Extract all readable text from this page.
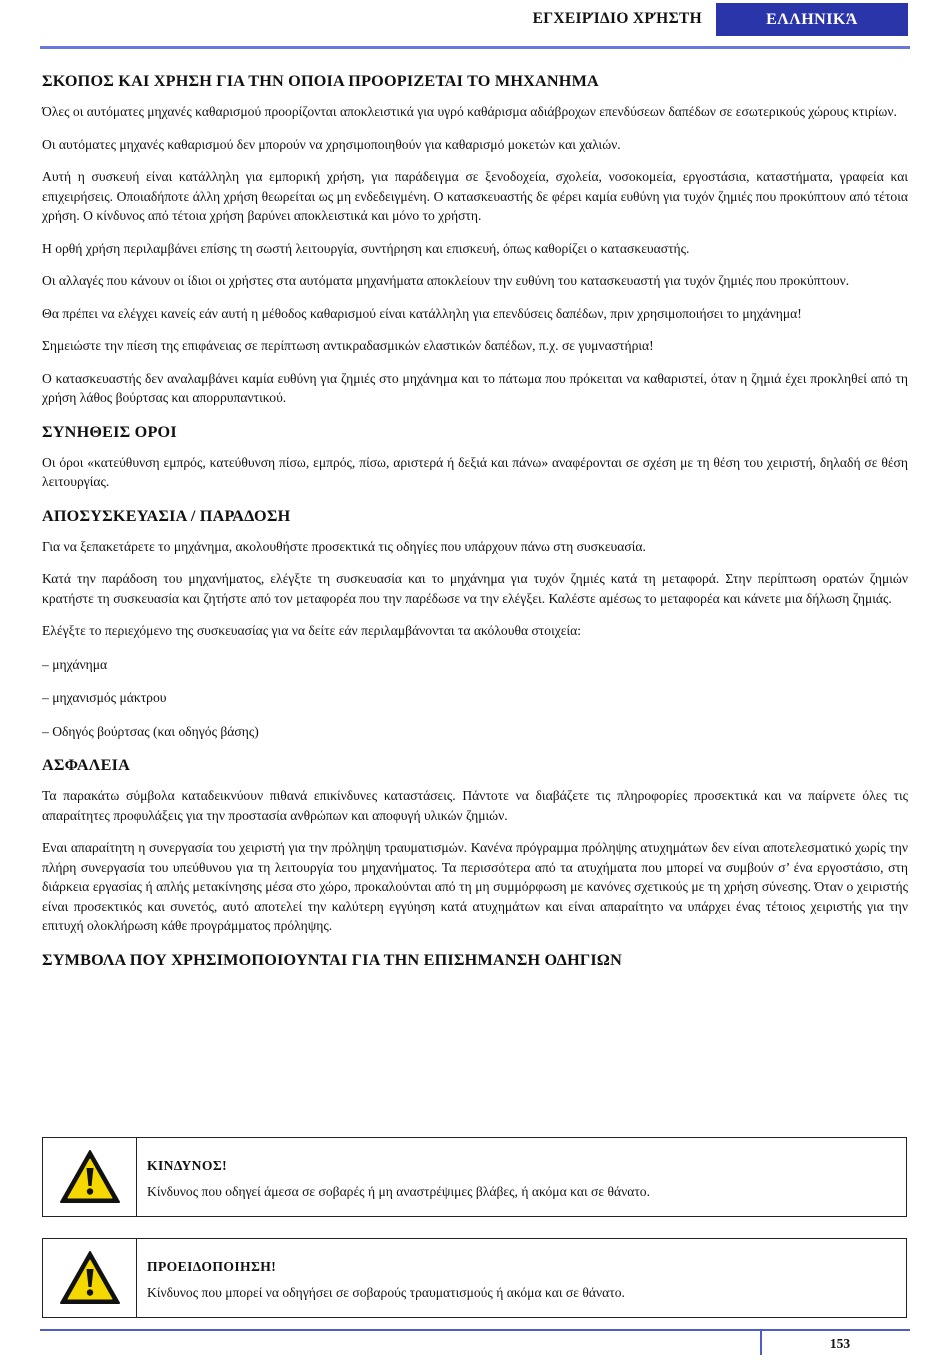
ΕΓΧΕΙΡΊΔΙΟ ΧΡΉΣΤΗ	ΕΛΛΗΝΙΚΆ
ΣΚΟΠΟΣ ΚΑΙ ΧΡΗΣΗ ΓΙΑ ΤΗΝ ΟΠΟΙΑ ΠΡΟΟΡΙΖΕΤΑΙ ΤΟ ΜΗΧΑΝΗΜΑ

Όλες οι αυτόματες μηχανές καθαρισμού προορίζονται αποκλειστικά για υγρό καθάρισμα αδιάβροχων επενδύσεων δαπέδων σε εσωτερικούς χώρους κτιρίων.

Οι αυτόματες μηχανές καθαρισμού δεν μπορούν να χρησιμοποιηθούν για καθαρισμό μοκετών και χαλιών.

Αυτή η συσκευή είναι κατάλληλη για εμπορική χρήση, για παράδειγμα σε ξενοδοχεία, σχολεία, νοσοκομεία, εργοστάσια, καταστήματα, γραφεία και επιχειρήσεις. Οποιαδήποτε άλλη χρήση θεωρείται ως μη ενδεδειγμένη. Ο κατασκευαστής δε φέρει καμία ευθύνη για τυχόν ζημιές που προκύπτουν από τέτοια χρήση. Ο κίνδυνος από τέτοια χρήση βαρύνει αποκλειστικά και μόνο το χρήστη.

Η ορθή χρήση περιλαμβάνει επίσης τη σωστή λειτουργία, συντήρηση και επισκευή, όπως καθορίζει ο κατασκευαστής.

Οι αλλαγές που κάνουν οι ίδιοι οι χρήστες στα αυτόματα μηχανήματα αποκλείουν την ευθύνη του κατασκευαστή για τυχόν ζημιές που προκύπτουν.

Θα πρέπει να ελέγχει κανείς εάν αυτή η μέθοδος καθαρισμού είναι κατάλληλη για επενδύσεις δαπέδων, πριν χρησιμοποιήσει το μηχάνημα!

Σημειώστε την πίεση της επιφάνειας σε περίπτωση αντικραδασμικών ελαστικών δαπέδων, π.χ. σε γυμναστήρια!

Ο κατασκευαστής δεν αναλαμβάνει καμία ευθύνη για ζημιές στο μηχάνημα και το πάτωμα που πρόκειται να καθαριστεί, όταν η ζημιά έχει προκληθεί από τη χρήση λάθος βούρτσας και απορρυπαντικού.

ΣΥΝΗΘΕΙΣ ΟΡΟΙ

Οι όροι «κατεύθυνση εμπρός, κατεύθυνση πίσω, εμπρός, πίσω, αριστερά ή δεξιά και πάνω» αναφέρονται σε σχέση με τη θέση του χειριστή, δηλαδή σε θέση λειτουργίας.

ΑΠΟΣΥΣΚΕΥΑΣΙΑ / ΠΑΡΑΔΟΣΗ

Για να ξεπακετάρετε το μηχάνημα, ακολουθήστε προσεκτικά τις οδηγίες που υπάρχουν πάνω στη συσκευασία.

Κατά την παράδοση του μηχανήματος, ελέγξτε τη συσκευασία και το μηχάνημα για τυχόν ζημιές κατά τη μεταφορά. Στην περίπτωση ορατών ζημιών κρατήστε τη συσκευασία και ζητήστε από τον μεταφορέα που την παρέδωσε να την ελέγξει. Καλέστε αμέσως το μεταφορέα και κάνετε μια δήλωση ζημιάς.

Ελέγξτε το περιεχόμενο της συσκευασίας για να δείτε εάν περιλαμβάνονται τα ακόλουθα στοιχεία:

– μηχάνημα

– μηχανισμός μάκτρου

– Οδηγός βούρτσας (και οδηγός βάσης)

ΑΣΦΑΛΕΙΑ

Τα παρακάτω σύμβολα καταδεικνύουν πιθανά επικίνδυνες καταστάσεις. Πάντοτε να διαβάζετε τις πληροφορίες προσεκτικά και να παίρνετε όλες τις απαραίτητες προφυλάξεις για την προστασία ανθρώπων και αποφυγή υλικών ζημιών.

Εναι απαραίτητη η συνεργασία του χειριστή για την πρόληψη τραυματισμών. Κανένα πρόγραμμα πρόληψης ατυχημάτων δεν είναι αποτελεσματικό χωρίς την πλήρη συνεργασία του υπεύθυνου για τη λειτουργία του μηχανήματος. Τα περισσότερα από τα ατυχήματα που μπορεί να συμβούν σ’ ένα εργοστάσιο, στη διάρκεια εργασίας ή απλής μετακίνησης μέσα στο χώρο, προκαλούνται από τη μη συμμόρφωση με κανόνες σχετικούς με τη χρήση σύνεσης. Όταν ο χειριστής είναι προσεκτικός και συνετός, αυτό αποτελεί την καλύτερη εγγύηση κατά ατυχημάτων και είναι απαραίτητο να υπάρχει ένας τέτοιος χειριστής για την επιτυχή ολοκλήρωση κάθε προγράμματος πρόληψης.

ΣΥΜΒΟΛΑ ΠΟΥ ΧΡΗΣΙΜΟΠΟΙΟΥΝΤΑΙ ΓΙΑ ΤΗΝ ΕΠΙΣΗΜΑΝΣΗ ΟΔΗΓΙΩΝ
ΚΙΝΔΥΝΟΣ!
Κίνδυνος που οδηγεί άμεσα σε σοβαρές ή μη αναστρέψιμες βλάβες, ή ακόμα και σε θάνατο.
ΠΡΟΕΙΔΟΠΟΙΗΣΗ!
Κίνδυνος που μπορεί να οδηγήσει σε σοβαρούς τραυματισμούς ή ακόμα και σε θάνατο.
153
